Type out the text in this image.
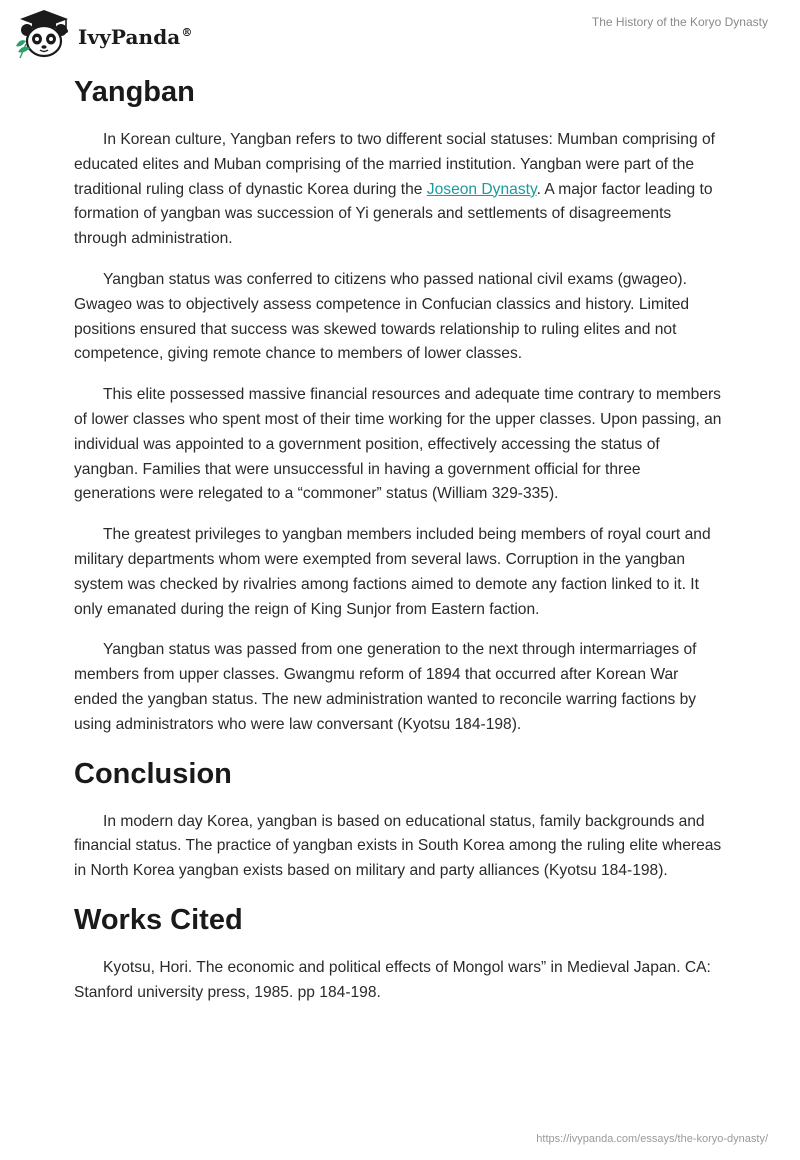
IvyPanda®
The History of the Koryo Dynasty
Yangban

In Korean culture, Yangban refers to two different social statuses: Mumban comprising of educated elites and Muban comprising of the married institution. Yangban were part of the traditional ruling class of dynastic Korea during the Joseon Dynasty. A major factor leading to formation of yangban was succession of Yi generals and settlements of disagreements through administration.

Yangban status was conferred to citizens who passed national civil exams (gwageo). Gwageo was to objectively assess competence in Confucian classics and history. Limited positions ensured that success was skewed towards relationship to ruling elites and not competence, giving remote chance to members of lower classes.

This elite possessed massive financial resources and adequate time contrary to members of lower classes who spent most of their time working for the upper classes. Upon passing, an individual was appointed to a government position, effectively accessing the status of yangban. Families that were unsuccessful in having a government official for three generations were relegated to a “commoner” status (William 329-335).

The greatest privileges to yangban members included being members of royal court and military departments whom were exempted from several laws. Corruption in the yangban system was checked by rivalries among factions aimed to demote any faction linked to it. It only emanated during the reign of King Sunjor from Eastern faction.

Yangban status was passed from one generation to the next through intermarriages of members from upper classes. Gwangmu reform of 1894 that occurred after Korean War ended the yangban status. The new administration wanted to reconcile warring factions by using administrators who were law conversant (Kyotsu 184-198).

Conclusion

In modern day Korea, yangban is based on educational status, family backgrounds and financial status. The practice of yangban exists in South Korea among the ruling elite whereas in North Korea yangban exists based on military and party alliances (Kyotsu 184-198).

Works Cited

Kyotsu, Hori. The economic and political effects of Mongol wars” in Medieval Japan. CA: Stanford university press, 1985. pp 184-198.

https://ivypanda.com/essays/the-koryo-dynasty/
